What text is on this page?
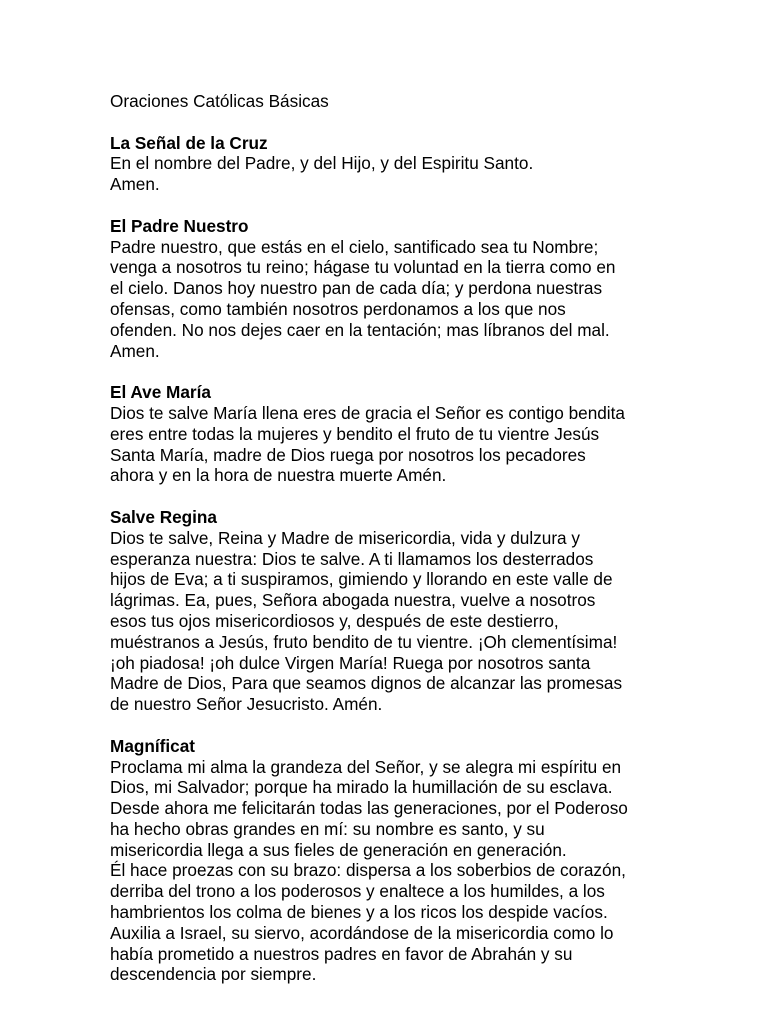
Oraciones Católicas Básicas

La Señal de la Cruz

En el nombre del Padre, y del Hijo, y del Espiritu Santo.
Amen.

El Padre Nuestro

Padre nuestro, que estás en el cielo, santificado sea tu Nombre;
venga a nosotros tu reino; hágase tu voluntad en la tierra como en
el cielo. Danos hoy nuestro pan de cada día; y perdona nuestras
ofensas, como también nosotros perdonamos a los que nos
ofenden. No nos dejes caer en la tentación; mas líbranos del mal.
Amen.

El Ave María

Dios te salve María llena eres de gracia el Señor es contigo bendita
eres entre todas la mujeres y bendito el fruto de tu vientre Jesús
Santa María, madre de Dios ruega por nosotros los pecadores
ahora y en la hora de nuestra muerte Amén.

Salve Regina

Dios te salve, Reina y Madre de misericordia, vida y dulzura y
esperanza nuestra: Dios te salve. A ti llamamos los desterrados
hijos de Eva; a ti suspiramos, gimiendo y llorando en este valle de
lágrimas. Ea, pues, Señora abogada nuestra, vuelve a nosotros
esos tus ojos misericordiosos y, después de este destierro,
muéstranos a Jesús, fruto bendito de tu vientre. ¡Oh clementísima!
¡oh piadosa! ¡oh dulce Virgen María! Ruega por nosotros santa
Madre de Dios, Para que seamos dignos de alcanzar las promesas
de nuestro Señor Jesucristo. Amén.

Magníficat

Proclama mi alma la grandeza del Señor, y se alegra mi espíritu en
Dios, mi Salvador; porque ha mirado la humillación de su esclava.
Desde ahora me felicitarán todas las generaciones, por el Poderoso
ha hecho obras grandes en mí: su nombre es santo, y su
misericordia llega a sus fieles de generación en generación.
Él hace proezas con su brazo: dispersa a los soberbios de corazón,
derriba del trono a los poderosos y enaltece a los humildes, a los
hambrientos los colma de bienes y a los ricos los despide vacíos.
Auxilia a Israel, su siervo, acordándose de la misericordia como lo
había prometido a nuestros padres en favor de Abrahán y su
descendencia por siempre.
